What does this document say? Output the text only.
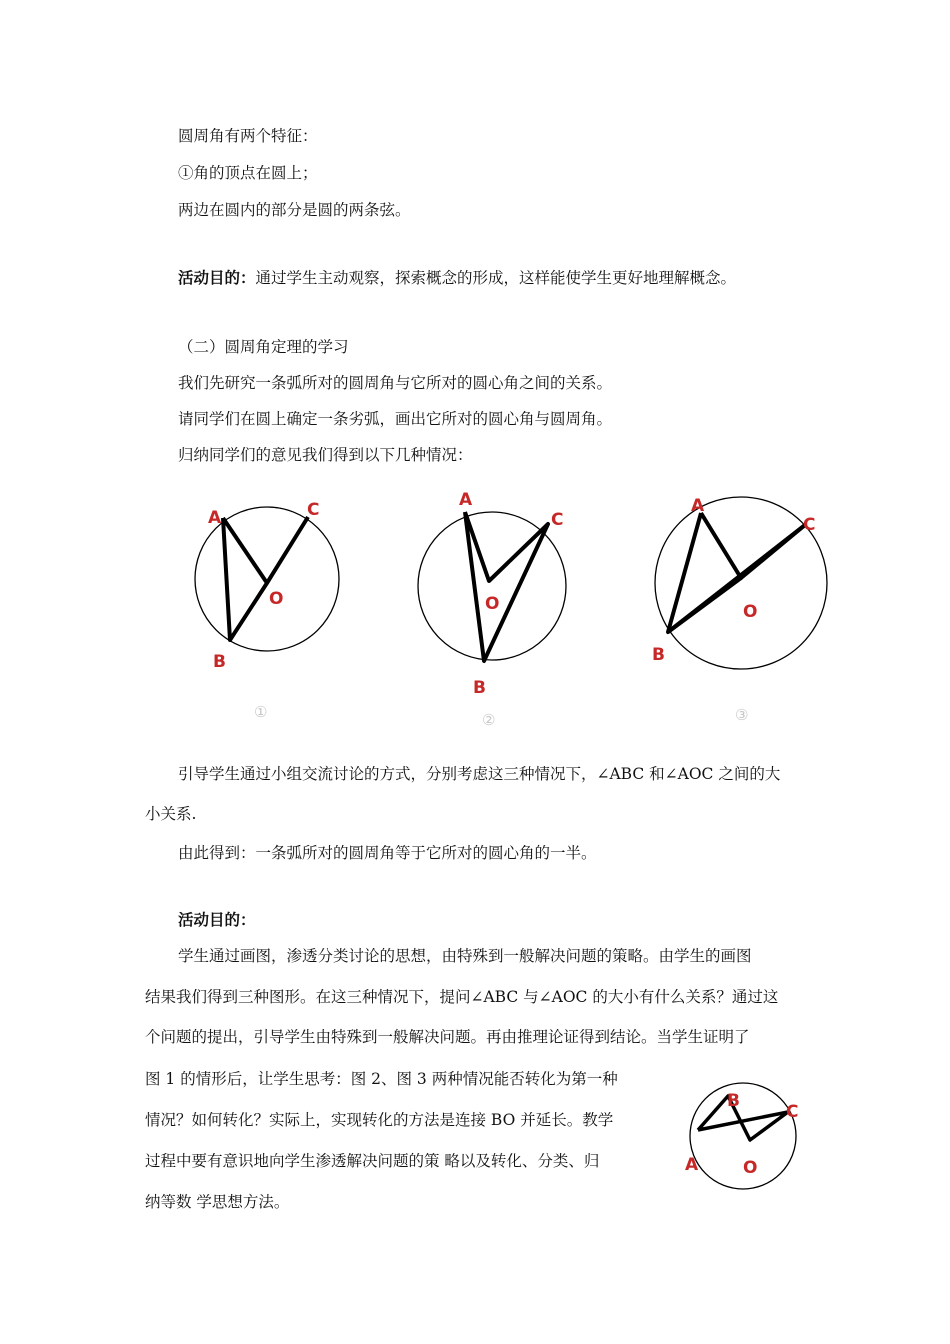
圆周角有两个特征：
①角的顶点在圆上；
两边在圆内的部分是圆的两条弦。
活动目的：通过学生主动观察，探索概念的形成，这样能使学生更好地理解概念。
（二）圆周角定理的学习
我们先研究一条弧所对的圆周角与它所对的圆心角之间的关系。
请同学们在圆上确定一条劣弧，画出它所对的圆心角与圆周角。
归纳同学们的意见我们得到以下几种情况：
A	C
O
B
①
A
C
O
B
②
A
C
O
B
③
引导学生通过小组交流讨论的方式，分别考虑这三种情况下，∠ABC 和∠AOC 之间的大
小关系.
由此得到：一条弧所对的圆周角等于它所对的圆心角的一半。
活动目的：
学生通过画图，渗透分类讨论的思想，由特殊到一般解决问题的策略。由学生的画图
结果我们得到三种图形。在这三种情况下，提问∠ABC 与∠AOC 的大小有什么关系？通过这
个问题的提出，引导学生由特殊到一般解决问题。再由推理论证得到结论。当学生证明了
图 1 的情形后，让学生思考：图 2、图 3 两种情况能否转化为第一种
情况？如何转化？实际上，实现转化的方法是连接 BO 并延长。教学
过程中要有意识地向学生渗透解决问题的策 略以及转化、分类、归
纳等数 学思想方法。
B
C
A	O
